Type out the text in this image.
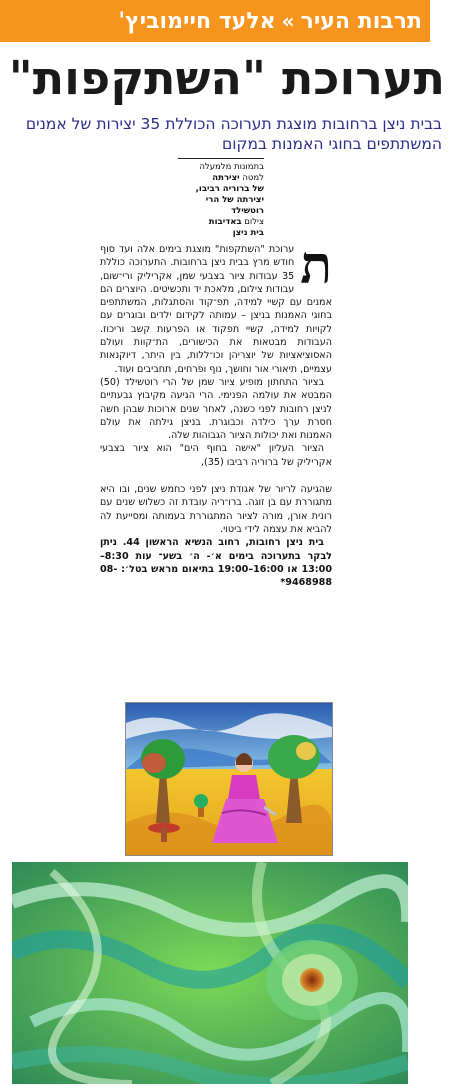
תרבות העיר
»
אלעד חיימוביץ'
תערוכת "השתקפות"
בבית ניצן ברחובות מוצגת תערוכה הכוללת 35 יצירות של אמנים המשתתפים בחוגי האמנות במקום
בתמונות מלמעלה
למטה יצירתה
של ברוריה רביבו,
יצירתה של הרי
רוטשילד
צילום באדיבות
בית ניצן
ת

ערוכת "השתקפות" מוצגת בימים אלה ועד סוף חודש מרץ בבית ניצן ברחובות. התערוכה כוללת 35 עבודות ציור בצבעי שמן, אקריליק ורי־שום, עבודות צילום, מלאכת יד ותכשיטים. היוצרים הם אמנים עם קשיי למידה, תפ־קוד והסתגלות, המשתתפים בחוגי האמנות בניצן – עמותה לקידום ילדים ובוגרים עם לקויות למידה, קשיי תפקוד או הפרעות קשב וריכוז. העבודות מבטאות את הכישורים, הת־קוות ועולם האסוציאציות של יוצריהן וכו־ללות, בין היתר, דיוקנאות עצמיים, תיאורי אור וחושך, נוף ופרחים, תחביבים ועוד.

בציור התחתון מופיע ציור שמן של הרי רוטשילד (50) המבטא את עולמה הפנימי. הרי הגיעה מקיבוץ גבעתיים לניצן רחובות לפני כשנה, לאחר שנים ארוכות שבהן חשה חסרת ערך כילדה וכבוגרת. בניצן גילתה את עולם האמנות ואת יכולות הציור הגבוהות שלה.

הציור העליון "אישה בחוף הים" הוא ציור בצבעי אקריליק של ברוריה רביבו (35),

שהגיעה לריור של אגודת ניצן לפני כחמש שנים, ובו היא מתגוררת עם בן זוגה. ברו־ריה עובדת זה כשלוש שנים עם רונית אורן, מורה לציור המתגוררת בעמותה ומסייעת לה להביא את עצמה לידי ביטוי.

בית ניצן רחובות, רחוב הנשיא הראשון 44. ניתן לבקר בתערוכה בימים א׳- ה׳ בשע־ עות 8:30–13:00 או 16:00–19:00 בתיאום מראש בטל׳: 08-9468988*
